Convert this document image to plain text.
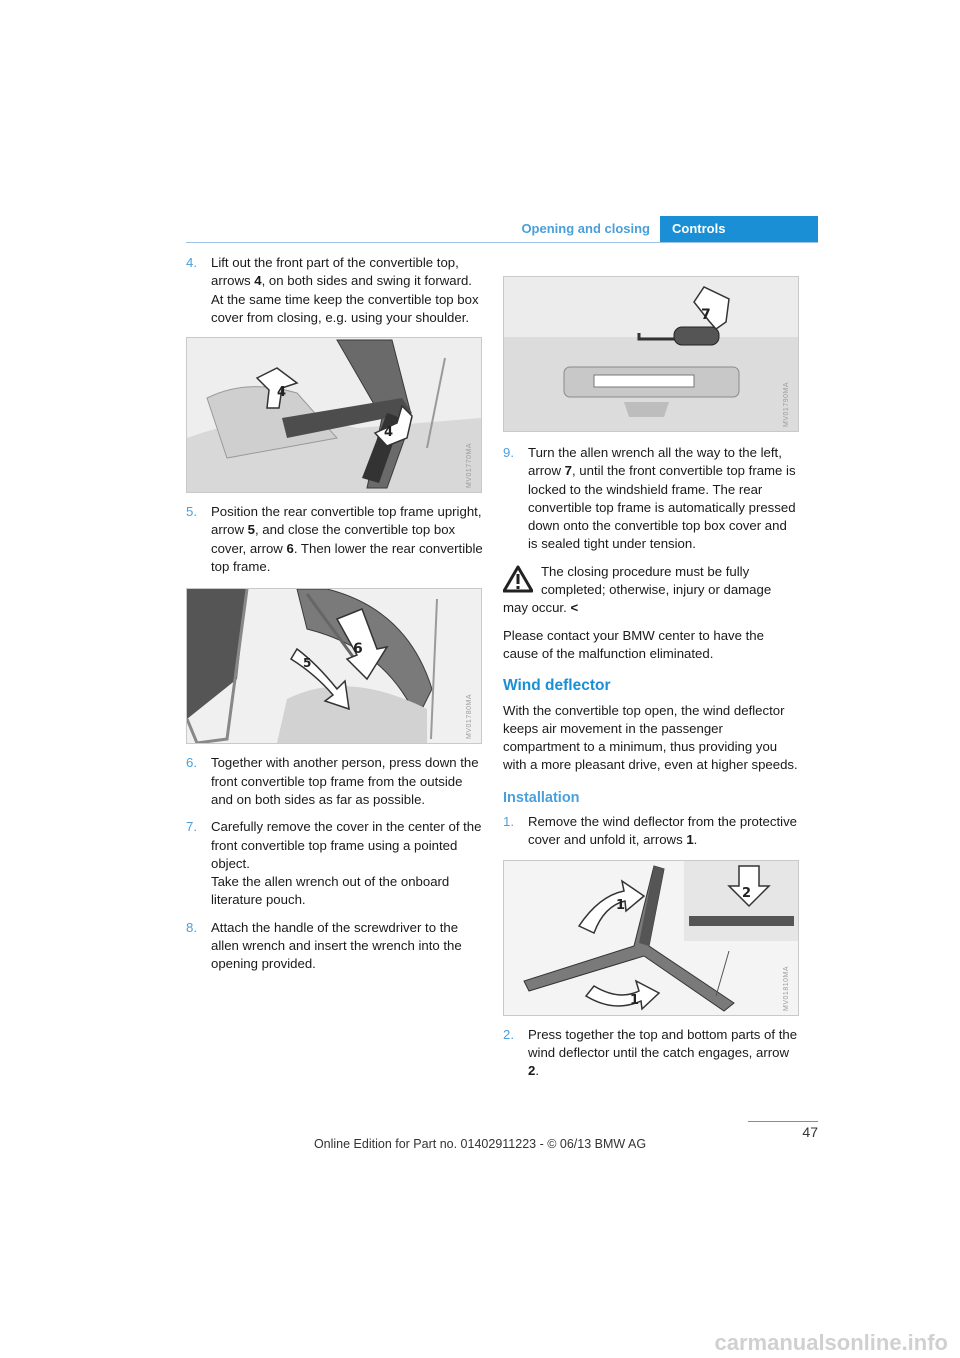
Opening and closing	Controls
4. Lift out the front part of the convertible top, arrows 4, on both sides and swing it forward. At the same time keep the convertible top box cover from closing, e.g. using your shoulder.
4
4
MV01770MA
5. Position the rear convertible top frame upright, arrow 5, and close the convertible top box cover, arrow 6. Then lower the rear convertible top frame.
6
5
MV01780MA
6. Together with another person, press down the front convertible top frame from the outside and on both sides as far as possible.
7. Carefully remove the cover in the center of the front convertible top frame using a pointed object.
Take the allen wrench out of the onboard literature pouch.
8. Attach the handle of the screwdriver to the allen wrench and insert the wrench into the opening provided.
7
MV01790MA
9. Turn the allen wrench all the way to the left, arrow 7, until the front convertible top frame is locked to the windshield frame. The rear convertible top frame is automatically pressed down onto the convertible top box cover and is sealed tight under tension.
The closing procedure must be fully completed; otherwise, injury or damage may occur. <
Please contact your BMW center to have the cause of the malfunction eliminated.
Wind deflector
With the convertible top open, the wind deflector keeps air movement in the passenger compartment to a minimum, thus providing you with a more pleasant drive, even at higher speeds.
Installation
1. Remove the wind deflector from the protective cover and unfold it, arrows 1.
1
1
2
MV01810MA
2. Press together the top and bottom parts of the wind deflector until the catch engages, arrow 2.
47
Online Edition for Part no. 01402911223 - © 06/13 BMW AG
carmanualsonline.info
